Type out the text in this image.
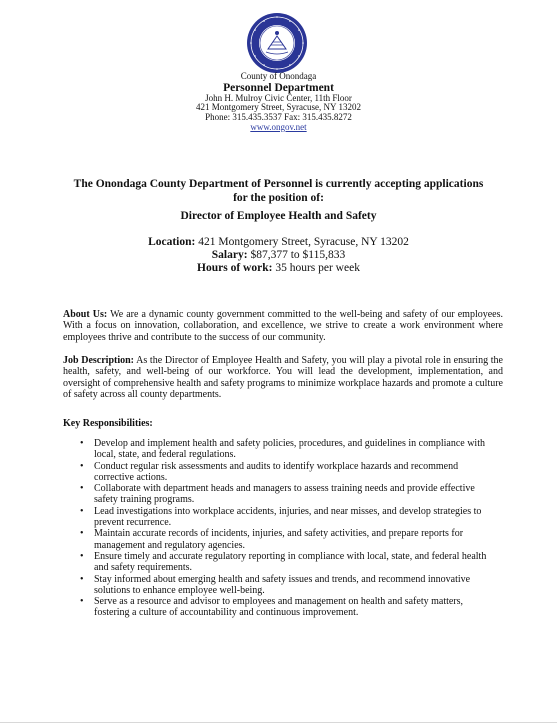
County of Onondaga
Personnel Department
John H. Mulroy Civic Center, 11th Floor
421 Montgomery Street, Syracuse, NY 13202
Phone: 315.435.3537 Fax: 315.435.8272
www.ongov.net
The Onondaga County Department of Personnel is currently accepting applications
for the position of:
Director of Employee Health and Safety
Location: 421 Montgomery Street, Syracuse, NY 13202
Salary: $87,377 to $115,833
Hours of work: 35 hours per week
About Us: We are a dynamic county government committed to the well-being and safety of our employees. With a focus on innovation, collaboration, and excellence, we strive to create a work environment where employees thrive and contribute to the success of our community.
Job Description: As the Director of Employee Health and Safety, you will play a pivotal role in ensuring the health, safety, and well-being of our workforce. You will lead the development, implementation, and oversight of comprehensive health and safety programs to minimize workplace hazards and promote a culture of safety across all county departments.
Key Responsibilities:
• Develop and implement health and safety policies, procedures, and guidelines in compliance with local, state, and federal regulations.
• Conduct regular risk assessments and audits to identify workplace hazards and recommend corrective actions.
• Collaborate with department heads and managers to assess training needs and provide effective safety training programs.
• Lead investigations into workplace accidents, injuries, and near misses, and develop strategies to prevent recurrence.
• Maintain accurate records of incidents, injuries, and safety activities, and prepare reports for management and regulatory agencies.
• Ensure timely and accurate regulatory reporting in compliance with local, state, and federal health and safety requirements.
• Stay informed about emerging health and safety issues and trends, and recommend innovative solutions to enhance employee well-being.
• Serve as a resource and advisor to employees and management on health and safety matters, fostering a culture of accountability and continuous improvement.
